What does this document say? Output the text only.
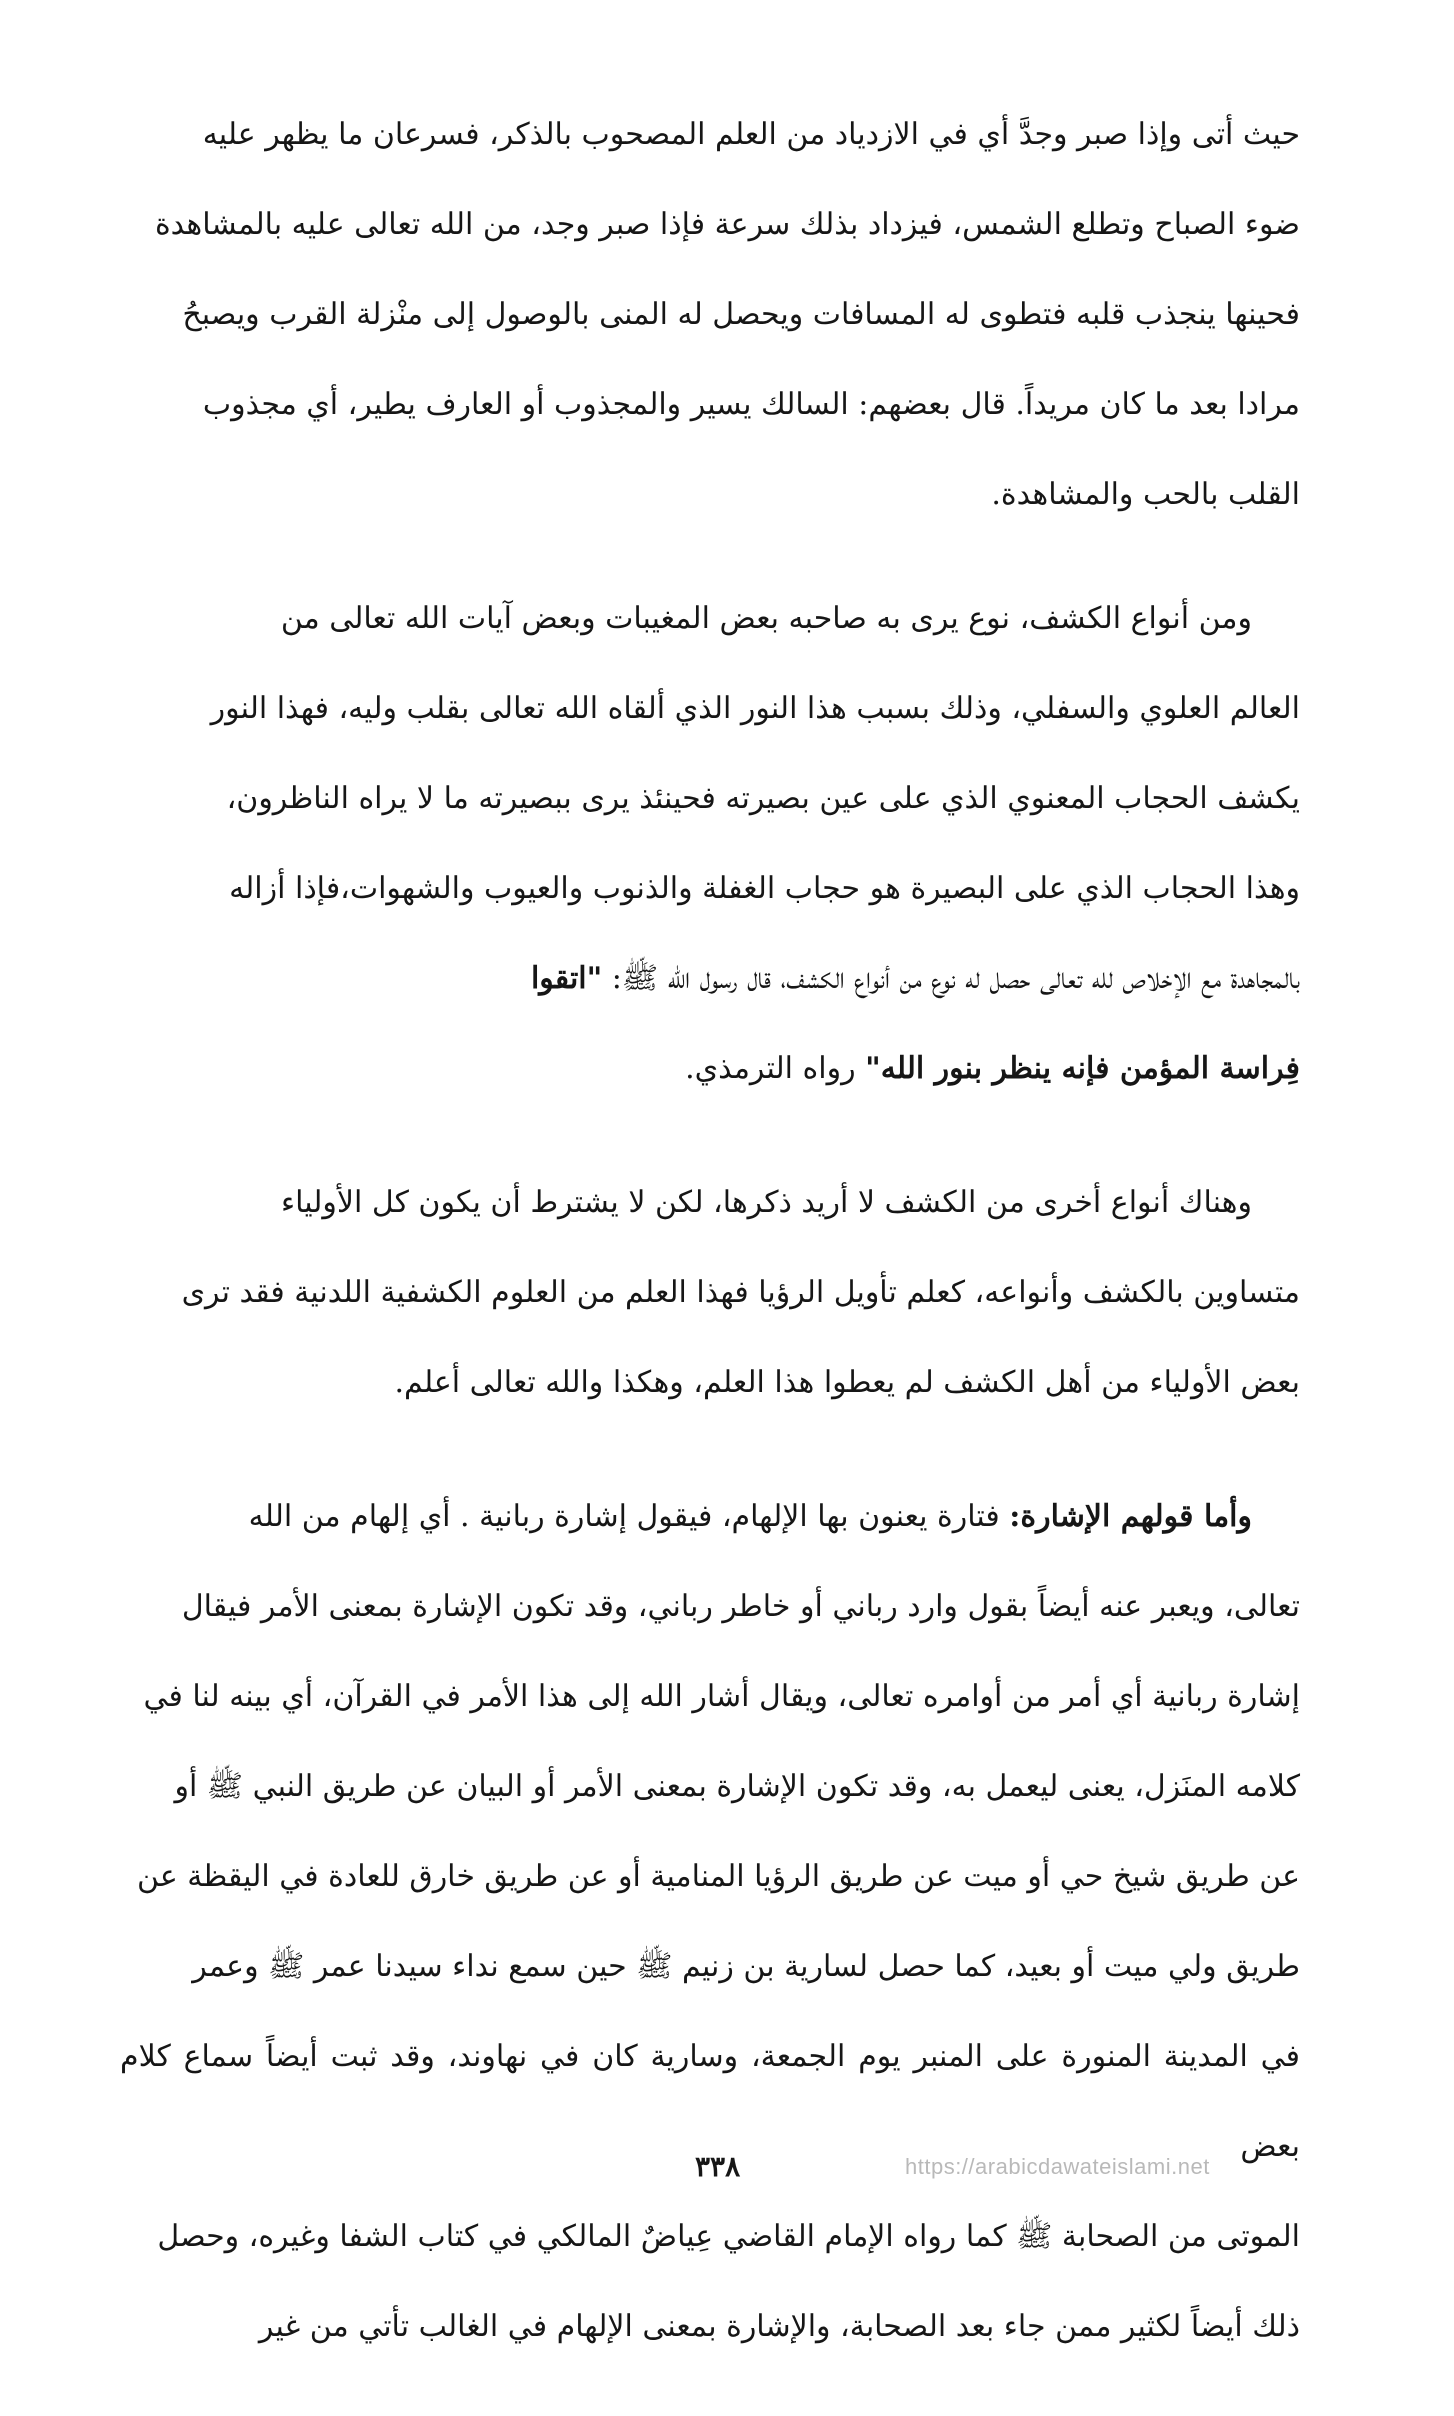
حيث أتى وإذا صبر وجدَّ أي في الازدياد من العلم المصحوب بالذكر، فسرعان ما يظهر عليه
ضوء الصباح وتطلع الشمس، فيزداد بذلك سرعة فإذا صبر وجد، من الله تعالى عليه بالمشاهدة
فحينها ينجذب قلبه فتطوى له المسافات ويحصل له المنى بالوصول إلى منْزلة القرب ويصبحُ
مرادا بعد ما كان مريداً. قال بعضهم: السالك يسير والمجذوب أو العارف يطير، أي مجذوب
القلب بالحب والمشاهدة.

ومن أنواع الكشف، نوع يرى به صاحبه بعض المغيبات وبعض آيات الله تعالى من
العالم العلوي والسفلي، وذلك بسبب هذا النور الذي ألقاه الله تعالى بقلب وليه، فهذا النور
يكشف الحجاب المعنوي الذي على عين بصيرته فحينئذ يرى ببصيرته ما لا يراه الناظرون،
وهذا الحجاب الذي على البصيرة هو حجاب الغفلة والذنوب والعيوب والشهوات،فإذا أزاله
بالمجاهدة مع الإخلاص لله تعالى حصل له نوع من أنواع الكشف، قال رسول الله ﷺ: "اتقوا
فِراسة المؤمن فإنه ينظر بنور الله" رواه الترمذي.

وهناك أنواع أخرى من الكشف لا أريد ذكرها، لكن لا يشترط أن يكون كل الأولياء
متساوين بالكشف وأنواعه، كعلم تأويل الرؤيا فهذا العلم من العلوم الكشفية اللدنية فقد ترى
بعض الأولياء من أهل الكشف لم يعطوا هذا العلم، وهكذا والله تعالى أعلم.

وأما قولهم الإشارة: فتارة يعنون بها الإلهام، فيقول إشارة ربانية . أي إلهام من الله
تعالى، ويعبر عنه أيضاً بقول وارد رباني أو خاطر رباني، وقد تكون الإشارة بمعنى الأمر فيقال
إشارة ربانية أي أمر من أوامره تعالى، ويقال أشار الله إلى هذا الأمر في القرآن، أي بينه لنا في
كلامه المنَزل، يعنى ليعمل به، وقد تكون الإشارة بمعنى الأمر أو البيان عن طريق النبي ﷺ أو
عن طريق شيخ حي أو ميت عن طريق الرؤيا المنامية أو عن طريق خارق للعادة في اليقظة عن
طريق ولي ميت أو بعيد، كما حصل لسارية بن زنيم ﷺ حين سمع نداء سيدنا عمر ﷺ وعمر
في المدينة المنورة على المنبر يوم الجمعة، وسارية كان في نهاوند، وقد ثبت أيضاً سماع كلام بعض
الموتى من الصحابة ﷺ كما رواه الإمام القاضي عِياضٌ المالكي في كتاب الشفا وغيره، وحصل
ذلك أيضاً لكثير ممن جاء بعد الصحابة، والإشارة بمعنى الإلهام في الغالب تأتي من غير

٣٣٨	https://arabicdawateislami.net
